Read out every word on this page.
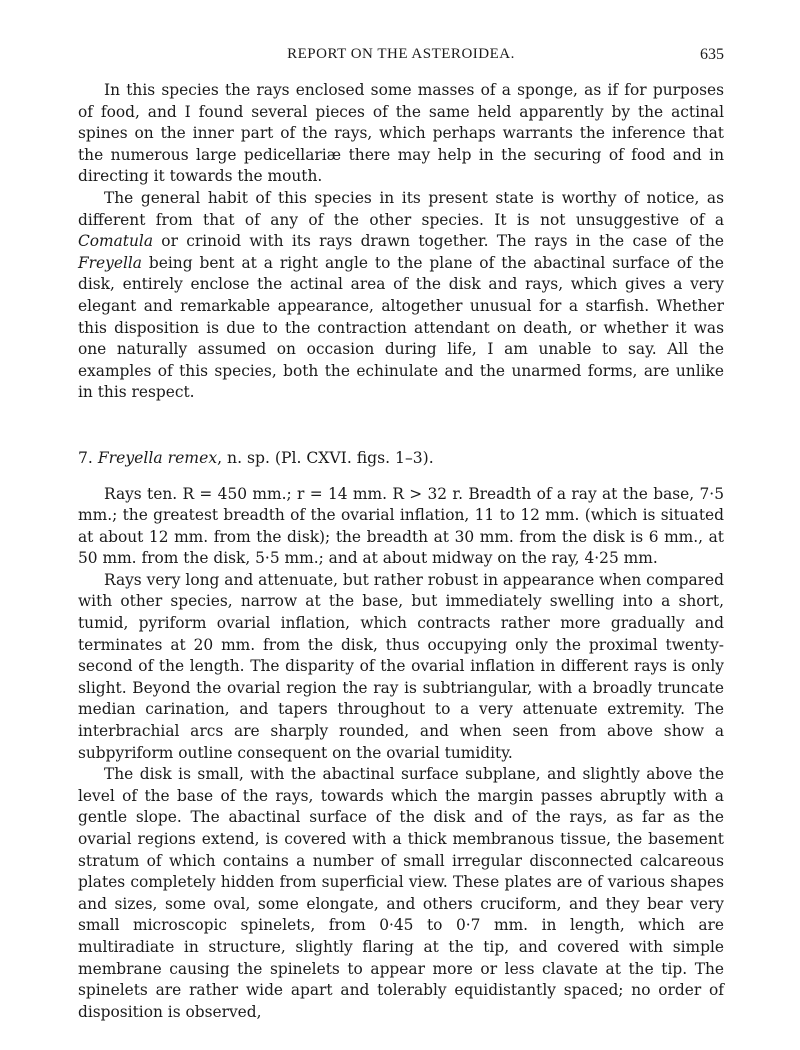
REPORT ON THE ASTEROIDEA.	635

In this species the rays enclosed some masses of a sponge, as if for purposes of food, and I found several pieces of the same held apparently by the actinal spines on the inner part of the rays, which perhaps warrants the inference that the numerous large pedicellariæ there may help in the securing of food and in directing it towards the mouth.

The general habit of this species in its present state is worthy of notice, as different from that of any of the other species. It is not unsuggestive of a Comatula or crinoid with its rays drawn together. The rays in the case of the Freyella being bent at a right angle to the plane of the abactinal surface of the disk, entirely enclose the actinal area of the disk and rays, which gives a very elegant and remarkable appearance, altogether unusual for a starfish. Whether this disposition is due to the contraction attendant on death, or whether it was one naturally assumed on occasion during life, I am unable to say. All the examples of this species, both the echinulate and the unarmed forms, are unlike in this respect.

7. Freyella remex, n. sp. (Pl. CXVI. figs. 1–3).

Rays ten. R = 450 mm.; r = 14 mm. R > 32 r. Breadth of a ray at the base, 7·5 mm.; the greatest breadth of the ovarial inflation, 11 to 12 mm. (which is situated at about 12 mm. from the disk); the breadth at 30 mm. from the disk is 6 mm., at 50 mm. from the disk, 5·5 mm.; and at about midway on the ray, 4·25 mm.

Rays very long and attenuate, but rather robust in appearance when compared with other species, narrow at the base, but immediately swelling into a short, tumid, pyriform ovarial inflation, which contracts rather more gradually and terminates at 20 mm. from the disk, thus occupying only the proximal twenty-second of the length. The disparity of the ovarial inflation in different rays is only slight. Beyond the ovarial region the ray is subtriangular, with a broadly truncate median carination, and tapers throughout to a very attenuate extremity. The interbrachial arcs are sharply rounded, and when seen from above show a subpyriform outline consequent on the ovarial tumidity.

The disk is small, with the abactinal surface subplane, and slightly above the level of the base of the rays, towards which the margin passes abruptly with a gentle slope. The abactinal surface of the disk and of the rays, as far as the ovarial regions extend, is covered with a thick membranous tissue, the basement stratum of which contains a number of small irregular disconnected calcareous plates completely hidden from superficial view. These plates are of various shapes and sizes, some oval, some elongate, and others cruciform, and they bear very small microscopic spinelets, from 0·45 to 0·7 mm. in length, which are multiradiate in structure, slightly flaring at the tip, and covered with simple membrane causing the spinelets to appear more or less clavate at the tip. The spinelets are rather wide apart and tolerably equidistantly spaced; no order of disposition is observed,
